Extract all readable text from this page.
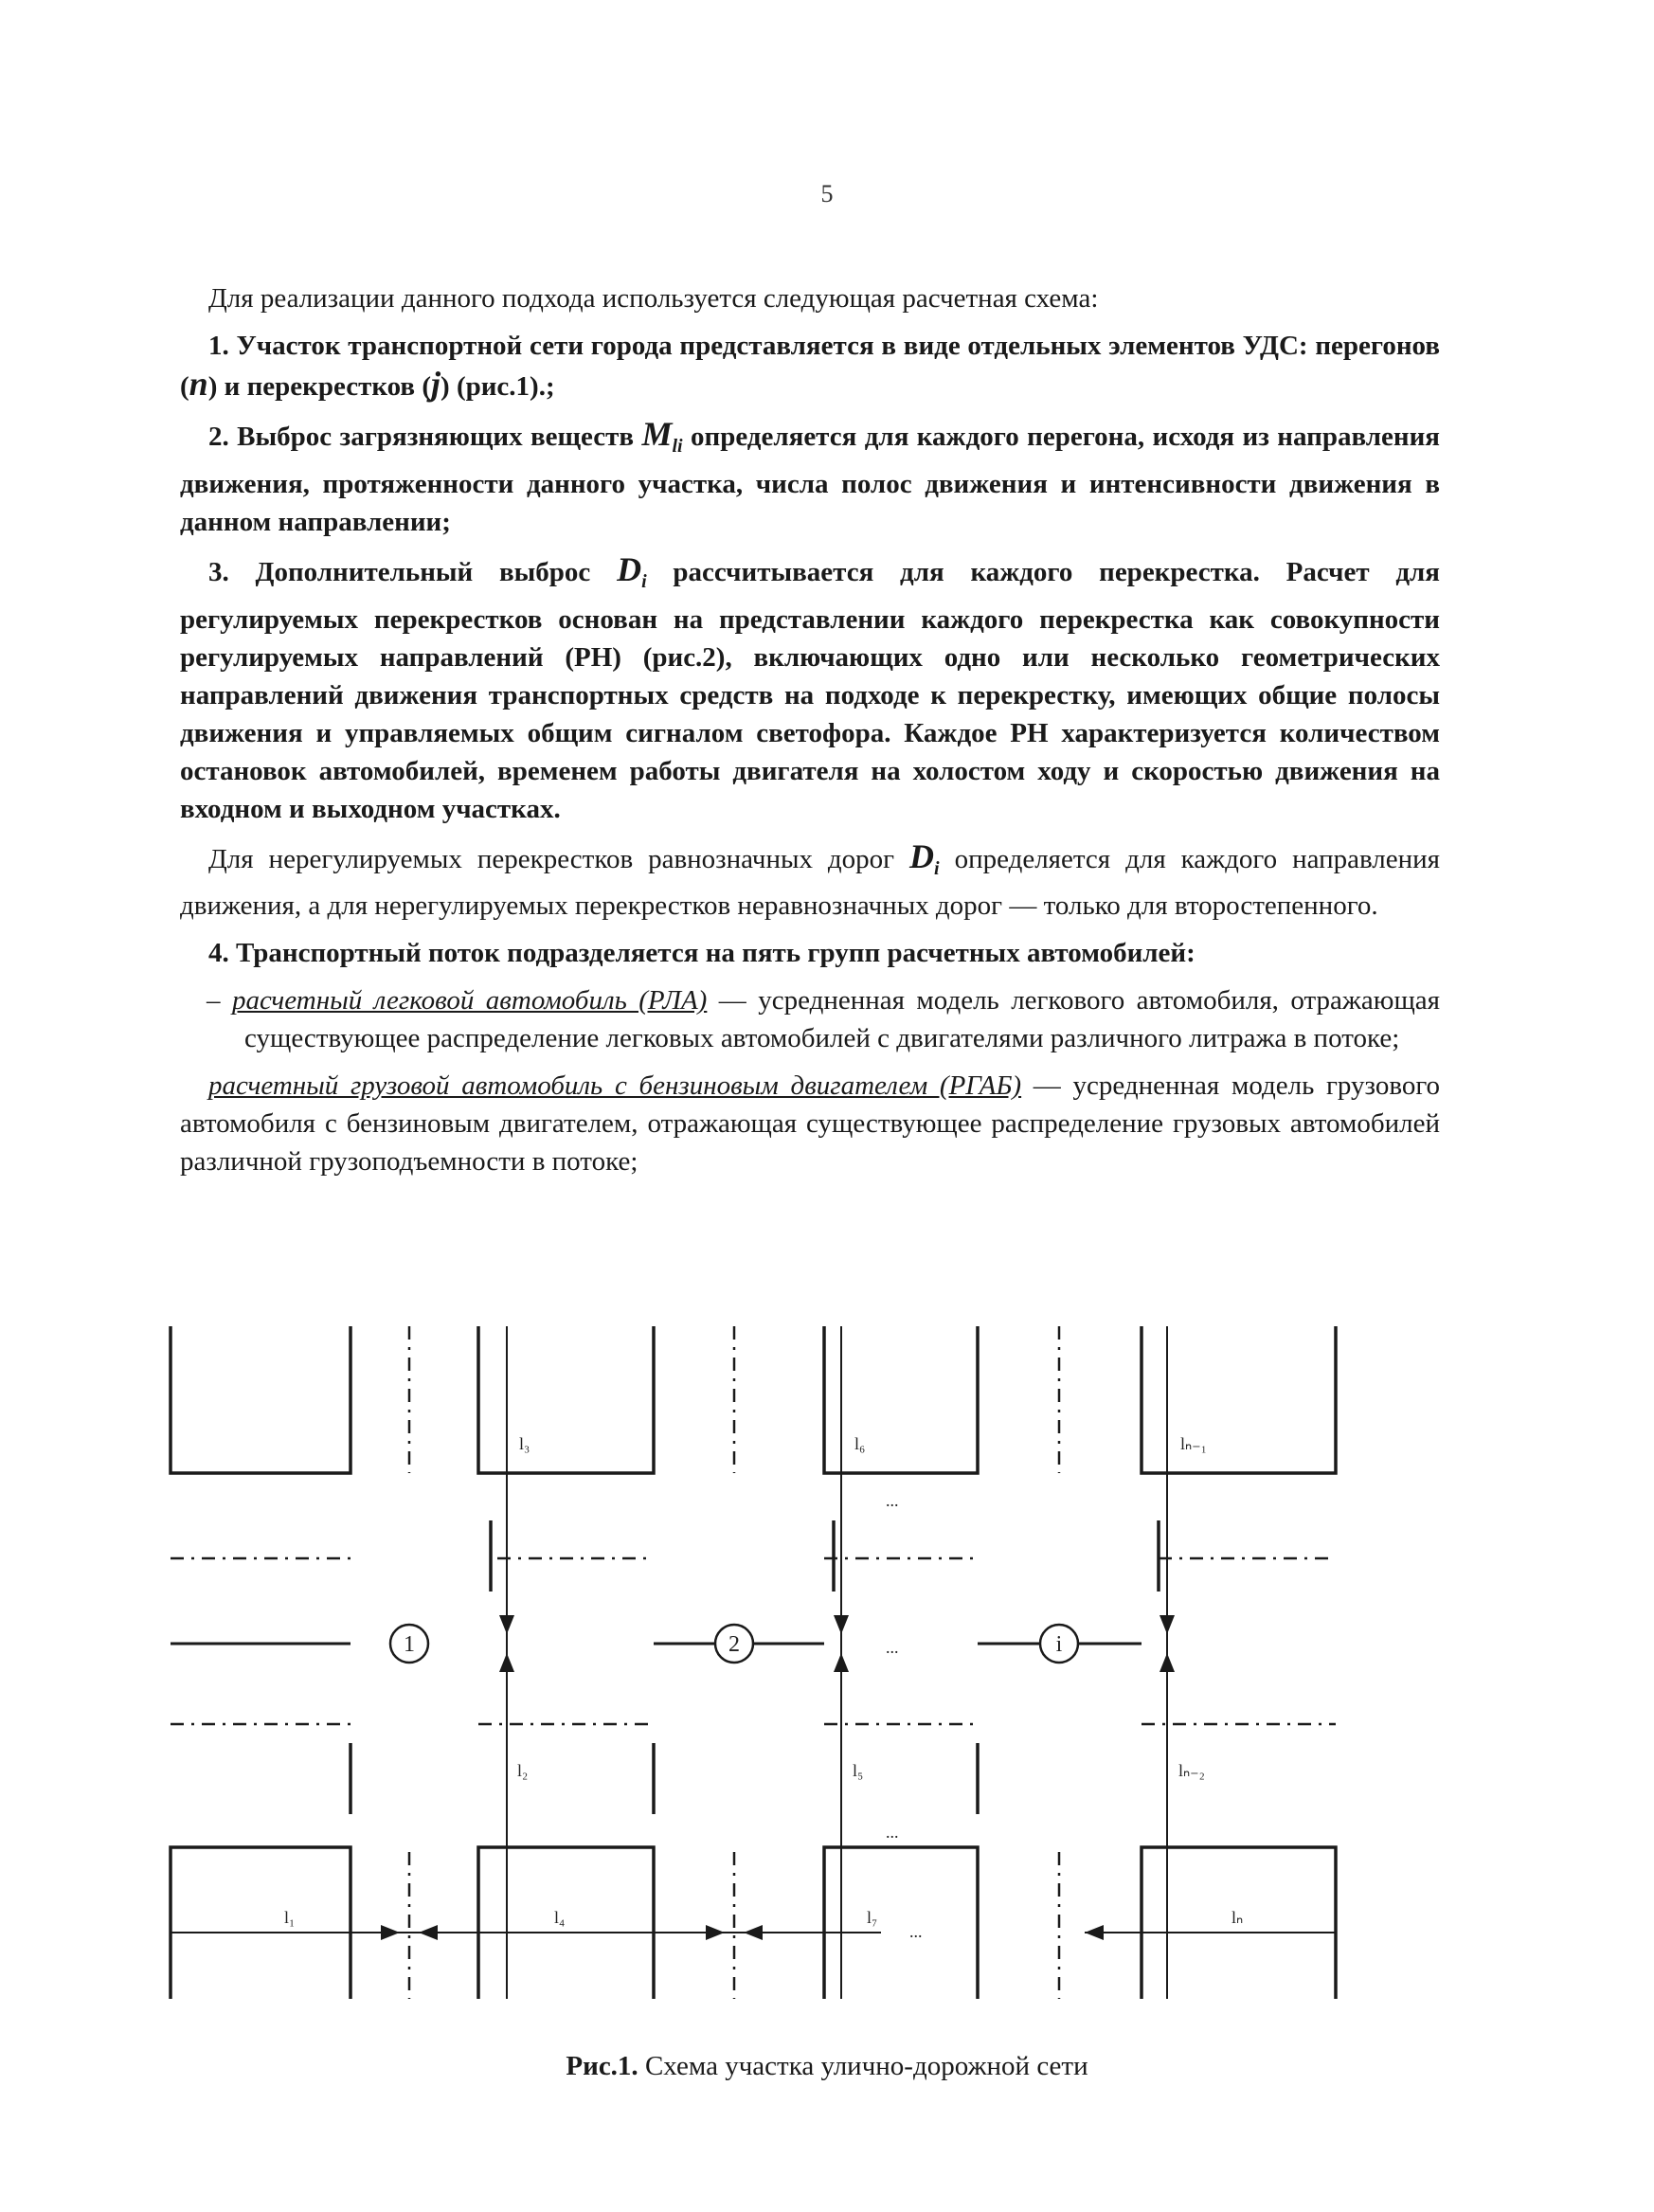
5

Для реализации данного подхода используется следующая расчетная схема:

1. Участок транспортной сети города представляется в виде отдельных элементов УДС: перегонов (n) и перекрестков (j) (рис.1).;

2. Выброс загрязняющих веществ $M_{li}$ определяется для каждого перегона, исходя из направления движения, протяженности данного участка, числа полос движения и интенсивности движения в данном направлении;

3. Дополнительный выброс $D_i$ рассчитывается для каждого перекрестка. Расчет для регулируемых перекрестков основан на представлении каждого перекрестка как совокупности регулируемых направлений (РН) (рис.2), включающих одно или несколько геометрических направлений движения транспортных средств на подходе к перекрестку, имеющих общие полосы движения и управляемых общим сигналом светофора. Каждое РН характеризуется количеством остановок автомобилей, временем работы двигателя на холостом ходу и скоростью движения на входном и выходном участках.

Для нерегулируемых перекрестков равнозначных дорог $D_i$ определяется для каждого направления движения, а для нерегулируемых перекрестков неравнозначных дорог — только для второстепенного.

4. Транспортный поток подразделяется на пять групп расчетных автомобилей:

– расчетный легковой автомобиль (РЛА) — усредненная модель легкового автомобиля, отражающая существующее распределение легковых автомобилей с двигателями различного литража в потоке;

расчетный грузовой автомобиль с бензиновым двигателем (РГАБ) — усредненная модель грузового автомобиля с бензиновым двигателем, отражающая существующее распределение грузовых автомобилей различной грузоподъемности в потоке;

1	2	i
l₃	l₆	lₙ₋₁
l₂	l₅	lₙ₋₂
l₁	l₄	l₇	lₙ
...
...
...
...
Рис.1. Схема участка улично-дорожной сети
